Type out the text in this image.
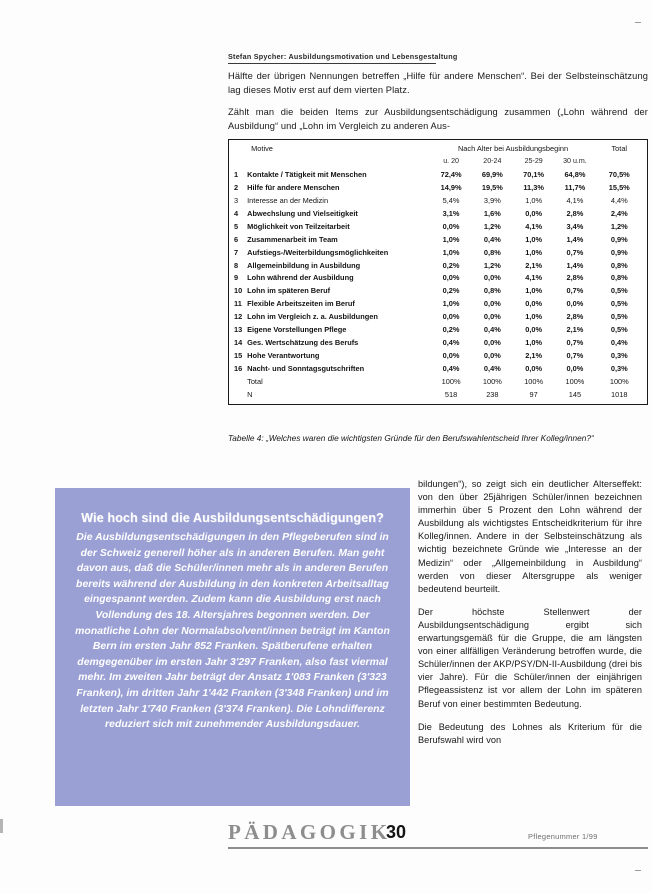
Stefan Spycher: Ausbildungsmotivation und Lebensgestaltung

Hälfte der übrigen Nennungen betreffen „Hilfe für andere Menschen“. Bei der Selbsteinschätzung lag dieses Motiv erst auf dem vierten Platz.

Zählt man die beiden Items zur Ausbildungsentschädigung zusammen („Lohn während der Ausbildung“ und „Lohn im Vergleich zu anderen Aus-

	Motive	Nach Alter bei Ausbildungsbeginn				Total
		u. 20	20-24	25-29	30 u.m.	
1	Kontakte / Tätigkeit mit Menschen	72,4%	69,9%	70,1%	64,8%	70,5%
2	Hilfe für andere Menschen	14,9%	19,5%	11,3%	11,7%	15,5%
3	Interesse an der Medizin	5,4%	3,9%	1,0%	4,1%	4,4%
4	Abwechslung und Vielseitigkeit	3,1%	1,6%	0,0%	2,8%	2,4%
5	Möglichkeit von Teilzeitarbeit	0,0%	1,2%	4,1%	3,4%	1,2%
6	Zusammenarbeit im Team	1,0%	0,4%	1,0%	1,4%	0,9%
7	Aufstiegs-/Weiterbildungsmöglichkeiten	1,0%	0,8%	1,0%	0,7%	0,9%
8	Allgemeinbildung in Ausbildung	0,2%	1,2%	2,1%	1,4%	0,8%
9	Lohn während der Ausbildung	0,0%	0,0%	4,1%	2,8%	0,8%
10	Lohn im späteren Beruf	0,2%	0,8%	1,0%	0,7%	0,5%
11	Flexible Arbeitszeiten im Beruf	1,0%	0,0%	0,0%	0,0%	0,5%
12	Lohn im Vergleich z. a. Ausbildungen	0,0%	0,0%	1,0%	2,8%	0,5%
13	Eigene Vorstellungen Pflege	0,2%	0,4%	0,0%	2,1%	0,5%
14	Ges. Wertschätzung des Berufs	0,4%	0,0%	1,0%	0,7%	0,4%
15	Hohe Verantwortung	0,0%	0,0%	2,1%	0,7%	0,3%
16	Nacht- und Sonntagsgutschriften	0,4%	0,4%	0,0%	0,0%	0,3%
	Total	100%	100%	100%	100%	100%
	N	518	238	97	145	1018
Tabelle 4: „Welches waren die wichtigsten Gründe für den Berufswahlentscheid Ihrer Kolleg/innen?“
Wie hoch sind die Ausbildungsentschädigungen?
Die Ausbildungsentschädigungen in den Pflegeberufen sind in der Schweiz generell höher als in anderen Berufen. Man geht davon aus, daß die Schüler/innen mehr als in anderen Berufen bereits während der Ausbildung in den konkreten Arbeitsalltag eingespannt werden. Zudem kann die Ausbildung erst nach Vollendung des 18. Altersjahres begonnen werden. Der monatliche Lohn der Normalabsolvent/innen beträgt im Kanton Bern im ersten Jahr 852 Franken. Spätberufene erhalten demgegenüber im ersten Jahr 3'297 Franken, also fast viermal mehr. Im zweiten Jahr beträgt der Ansatz 1'083 Franken (3'323 Franken), im dritten Jahr 1'442 Franken (3'348 Franken) und im letzten Jahr 1'740 Franken (3'374 Franken). Die Lohndifferenz reduziert sich mit zunehmender Ausbildungsdauer.

bildungen“), so zeigt sich ein deutlicher Alterseffekt: von den über 25jährigen Schüler/innen bezeichnen immerhin über 5 Prozent den Lohn während der Ausbildung als wichtigstes Entscheidkriterium für ihre Kolleg/innen. Andere in der Selbsteinschätzung als wichtig bezeichnete Gründe wie „Interesse an der Medizin“ oder „Allgemeinbildung in Ausbildung“ werden von dieser Altersgruppe als weniger bedeutend beurteilt.

Der höchste Stellenwert der Ausbildungsentschädigung ergibt sich erwartungsgemäß für die Gruppe, die am längsten von einer allfälligen Veränderung betroffen wurde, die Schüler/innen der AKP/PSY/DN-II-Ausbildung (drei bis vier Jahre). Für die Schüler/innen der einjährigen Pflegeassistenz ist vor allem der Lohn im späteren Beruf von einer bestimmten Bedeutung.

Die Bedeutung des Lohnes als Kriterium für die Berufswahl wird von

PÄDAGOGIK
30	Pflegenummer 1/99
